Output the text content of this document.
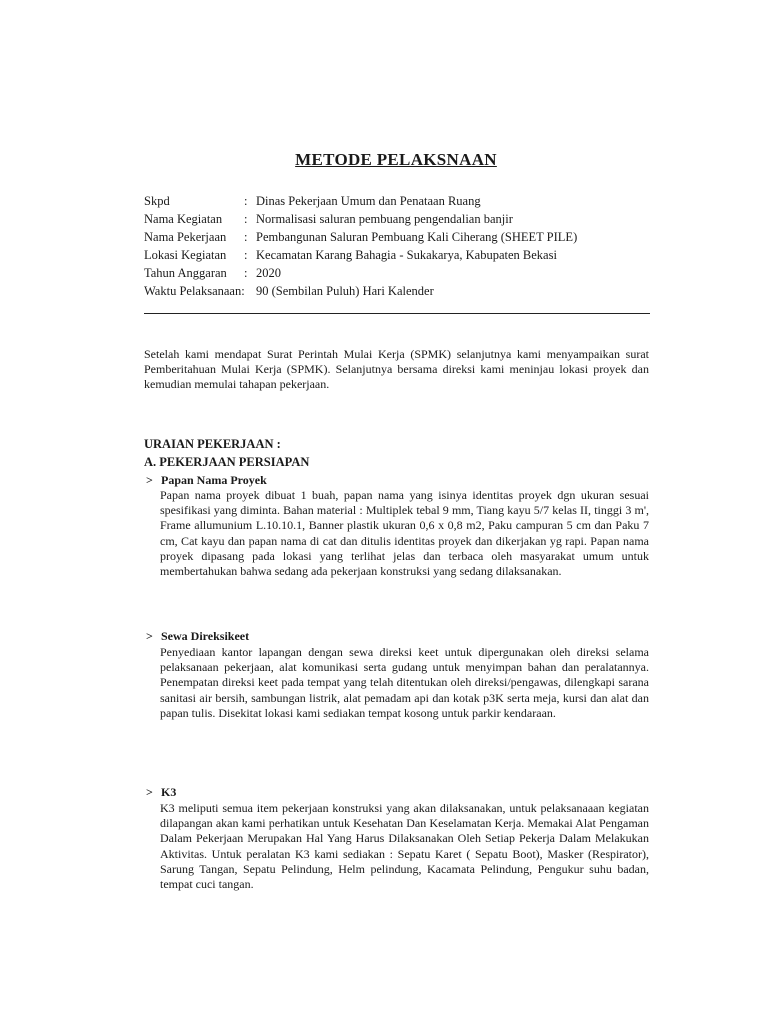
METODE PELAKSNAAN
Skpd	: Dinas Pekerjaan Umum dan Penataan Ruang
Nama Kegiatan	: Normalisasi saluran pembuang pengendalian banjir
Nama Pekerjaan	: Pembangunan Saluran Pembuang Kali Ciherang (SHEET PILE)
Lokasi Kegiatan	: Kecamatan Karang Bahagia - Sukakarya, Kabupaten Bekasi
Tahun Anggaran	: 2020
Waktu Pelaksanaan: 90 (Sembilan Puluh) Hari Kalender
Setelah kami mendapat Surat Perintah Mulai Kerja (SPMK) selanjutnya kami menyampaikan surat Pemberitahuan Mulai Kerja (SPMK). Selanjutnya bersama direksi kami meninjau lokasi proyek dan kemudian memulai tahapan pekerjaan.
URAIAN PEKERJAAN :
A. PEKERJAAN PERSIAPAN
> Papan Nama Proyek
Papan nama proyek dibuat 1 buah, papan nama yang isinya identitas proyek dgn ukuran sesuai spesifikasi yang diminta. Bahan material : Multiplek tebal 9 mm, Tiang kayu 5/7 kelas II, tinggi 3 m', Frame allumunium L.10.10.1, Banner plastik ukuran 0,6 x 0,8 m2, Paku campuran 5 cm dan Paku 7 cm, Cat kayu dan papan nama di cat dan ditulis identitas proyek dan dikerjakan yg rapi. Papan nama proyek dipasang pada lokasi yang terlihat jelas dan terbaca oleh masyarakat umum untuk membertahukan bahwa sedang ada pekerjaan konstruksi yang sedang dilaksanakan.
> Sewa Direksikeet
Penyediaan kantor lapangan dengan sewa direksi keet untuk dipergunakan oleh direksi selama pelaksanaan pekerjaan, alat komunikasi serta gudang untuk menyimpan bahan dan peralatannya. Penempatan direksi keet pada tempat yang telah ditentukan oleh direksi/pengawas, dilengkapi sarana sanitasi air bersih, sambungan listrik, alat pemadam api dan kotak p3K serta meja, kursi dan alat dan papan tulis. Disekitat lokasi kami sediakan tempat kosong untuk parkir kendaraan.
> K3
K3 meliputi semua item pekerjaan konstruksi yang akan dilaksanakan, untuk pelaksanaaan kegiatan dilapangan akan kami perhatikan untuk Kesehatan Dan Keselamatan Kerja. Memakai Alat Pengaman Dalam Pekerjaan Merupakan Hal Yang Harus Dilaksanakan Oleh Setiap Pekerja Dalam Melakukan Aktivitas. Untuk peralatan K3 kami sediakan : Sepatu Karet ( Sepatu Boot), Masker (Respirator), Sarung Tangan, Sepatu Pelindung, Helm pelindung, Kacamata Pelindung, Pengukur suhu badan, tempat cuci tangan.
